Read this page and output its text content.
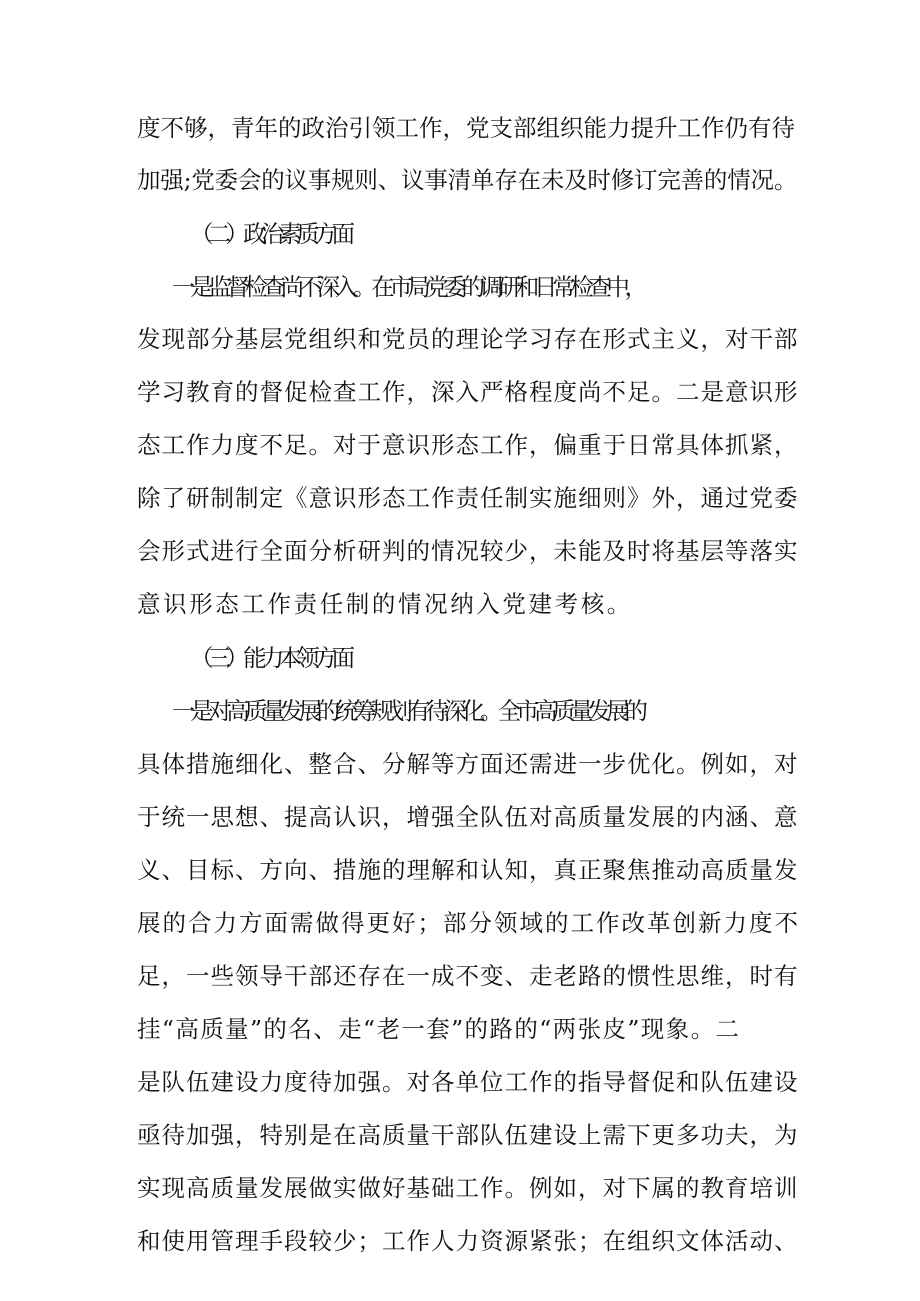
度不够，青年的政治引领工作，党支部组织能力提升工作仍有待
加强;党委会的议事规则、议事清单存在未及时修订完善的情况。
（二）政治素质方面
一是监督检查尚不深入。在市局党委的调研和日常检查中，
发现部分基层党组织和党员的理论学习存在形式主义，对干部
学习教育的督促检查工作，深入严格程度尚不足。二是意识形
态工作力度不足。对于意识形态工作，偏重于日常具体抓紧，
除了研制制定《意识形态工作责任制实施细则》外，通过党委
会形式进行全面分析研判的情况较少，未能及时将基层等落实
意识形态工作责任制的情况纳入党建考核。
（三）能力本领方面
一是对高质量发展的统筹规划有待深化。全市高质量发展的
具体措施细化、整合、分解等方面还需进一步优化。例如，对
于统一思想、提高认识，增强全队伍对高质量发展的内涵、意
义、目标、方向、措施的理解和认知，真正聚焦推动高质量发
展的合力方面需做得更好；部分领域的工作改革创新力度不
足，一些领导干部还存在一成不变、走老路的惯性思维，时有
挂“高质量”的名、走“老一套”的路的“两张皮”现象。二
是队伍建设力度待加强。对各单位工作的指导督促和队伍建设
亟待加强，特别是在高质量干部队伍建设上需下更多功夫，为
实现高质量发展做实做好基础工作。例如，对下属的教育培训
和使用管理手段较少；工作人力资源紧张；在组织文体活动、
